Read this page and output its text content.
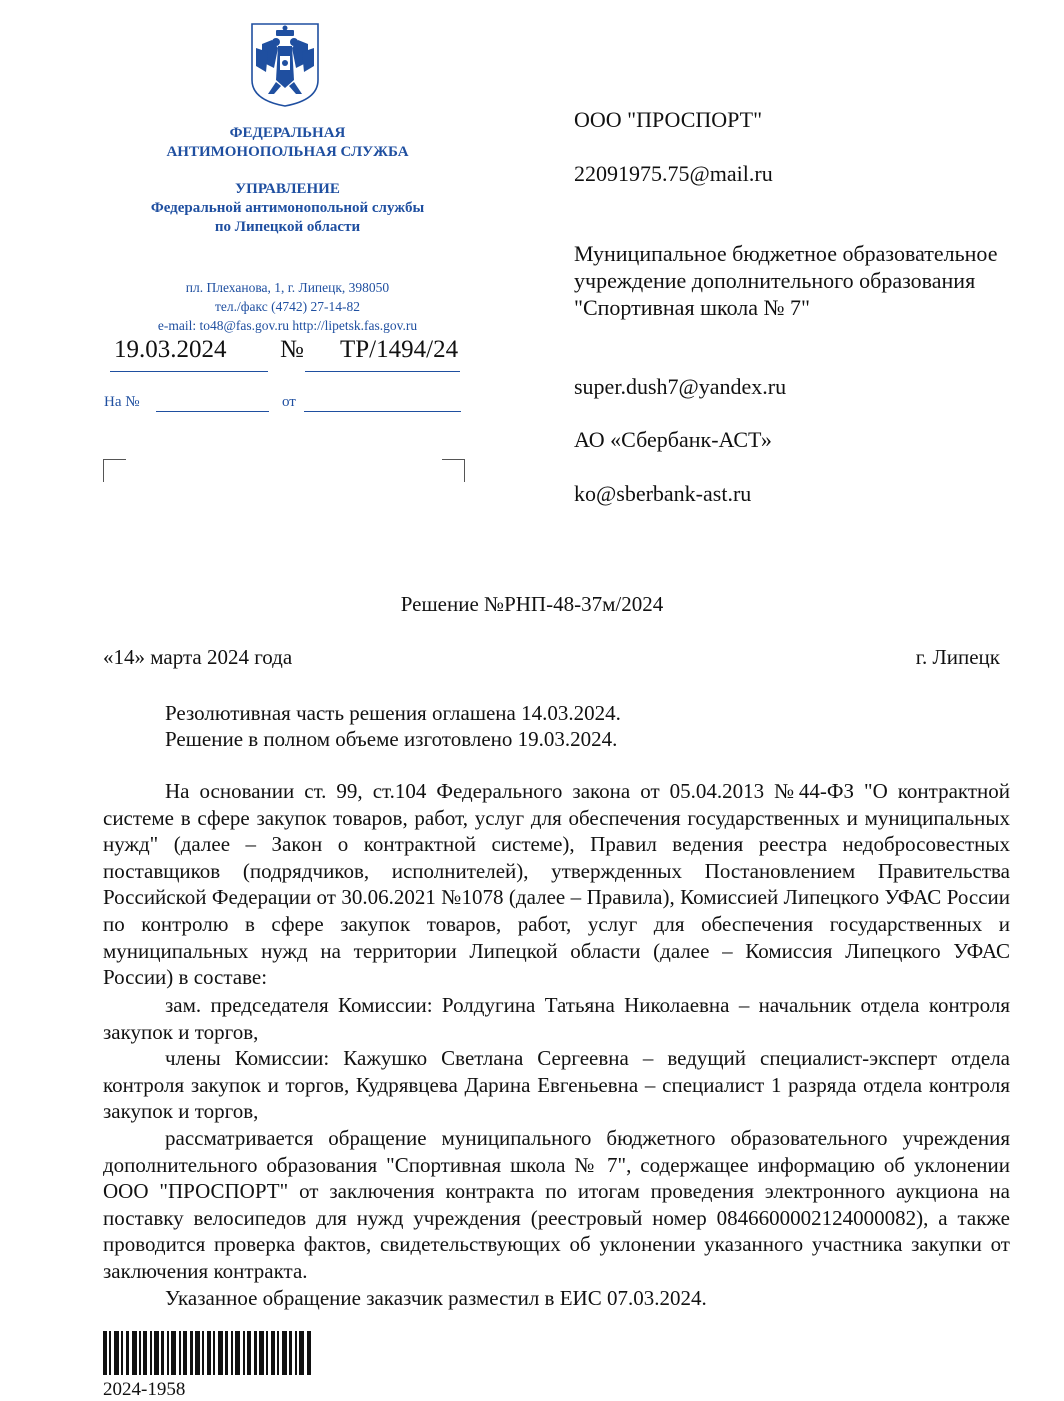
ФЕДЕРАЛЬНАЯ
АНТИМОНОПОЛЬНАЯ СЛУЖБА
УПРАВЛЕНИЕ
Федеральной антимонопольной службы
по Липецкой области
пл. Плеханова, 1, г. Липецк, 398050
тел./факс (4742) 27-14-82
e-mail: to48@fas.gov.ru http://lipetsk.fas.gov.ru
19.03.2024 № ТР/1494/24
На №	от
ООО "ПРОСПОРТ"
22091975.75@mail.ru
Муниципальное бюджетное образовательное учреждение дополнительного образования "Спортивная школа № 7"
super.dush7@yandex.ru
АО «Сбербанк-АСТ»
ko@sberbank-ast.ru
Решение №РНП-48-37м/2024
«14» марта 2024 года	г. Липецк
Резолютивная часть решения оглашена 14.03.2024.
Решение в полном объеме изготовлено 19.03.2024.
На основании ст. 99, ст.104 Федерального закона от 05.04.2013 №44-ФЗ "О контрактной системе в сфере закупок товаров, работ, услуг для обеспечения государственных и муниципальных нужд" (далее – Закон о контрактной системе), Правил ведения реестра недобросовестных поставщиков (подрядчиков, исполнителей), утвержденных Постановлением Правительства Российской Федерации от 30.06.2021 №1078 (далее – Правила), Комиссией Липецкого УФАС России по контролю в сфере закупок товаров, работ, услуг для обеспечения государственных и муниципальных нужд на территории Липецкой области (далее – Комиссия Липецкого УФАС России) в составе:
зам. председателя Комиссии: Ролдугина Татьяна Николаевна – начальник отдела контроля закупок и торгов,
члены Комиссии: Кажушко Светлана Сергеевна – ведущий специалист-эксперт отдела контроля закупок и торгов, Кудрявцева Дарина Евгеньевна – специалист 1 разряда отдела контроля закупок и торгов,
рассматривается обращение муниципального бюджетного образовательного учреждения дополнительного образования "Спортивная школа № 7", содержащее информацию об уклонении ООО "ПРОСПОРТ" от заключения контракта по итогам проведения электронного аукциона на поставку велосипедов для нужд учреждения (реестровый номер 0846600002124000082), а также проводится проверка фактов, свидетельствующих об уклонении указанного участника закупки от заключения контракта.
Указанное обращение заказчик разместил в ЕИС 07.03.2024.
2024-1958
